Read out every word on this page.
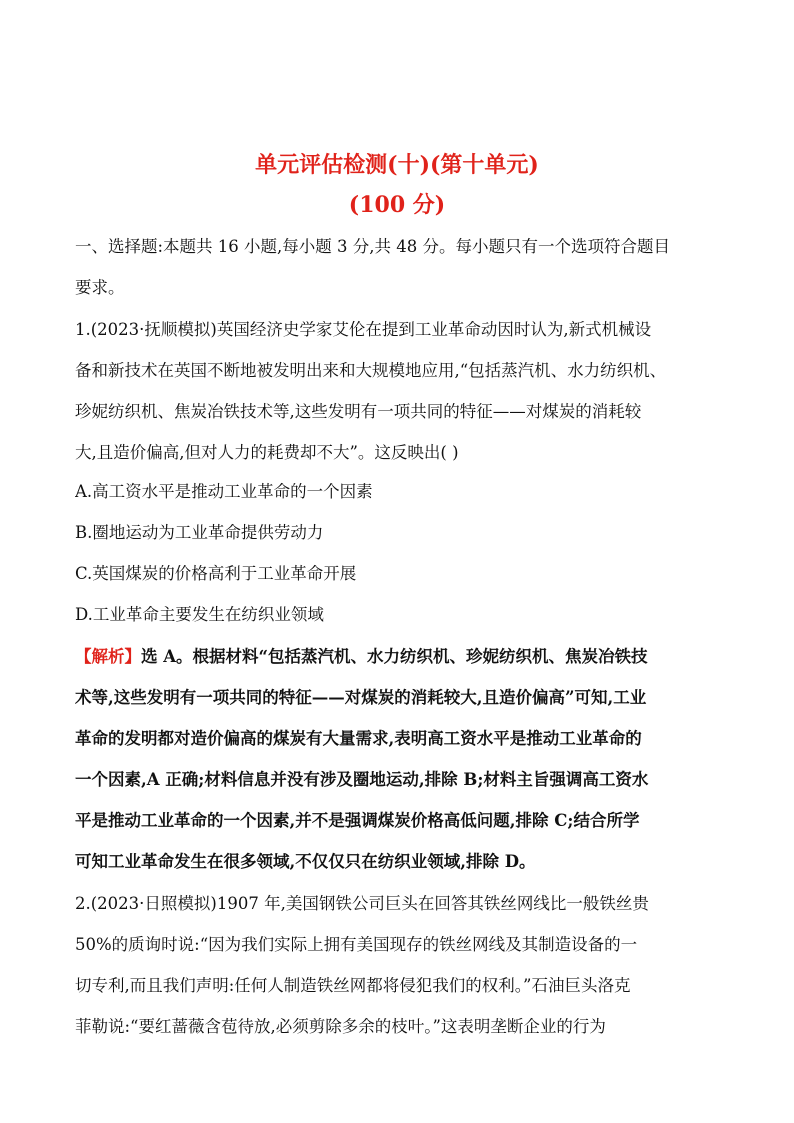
单元评估检测(十)(第十单元)
(100 分)
一、选择题:本题共 16 小题,每小题 3 分,共 48 分。每小题只有一个选项符合题目
要求。
1.(2023·抚顺模拟)英国经济史学家艾伦在提到工业革命动因时认为,新式机械设
备和新技术在英国不断地被发明出来和大规模地应用,“包括蒸汽机、水力纺织机、
珍妮纺织机、焦炭冶铁技术等,这些发明有一项共同的特征——对煤炭的消耗较
大,且造价偏高,但对人力的耗费却不大”。这反映出( )
A.高工资水平是推动工业革命的一个因素
B.圈地运动为工业革命提供劳动力
C.英国煤炭的价格高利于工业革命开展
D.工业革命主要发生在纺织业领域
【解析】选 A。根据材料“包括蒸汽机、水力纺织机、珍妮纺织机、焦炭冶铁技
术等,这些发明有一项共同的特征——对煤炭的消耗较大,且造价偏高”可知,工业
革命的发明都对造价偏高的煤炭有大量需求,表明高工资水平是推动工业革命的
一个因素,A 正确;材料信息并没有涉及圈地运动,排除 B;材料主旨强调高工资水
平是推动工业革命的一个因素,并不是强调煤炭价格高低问题,排除 C;结合所学
可知工业革命发生在很多领域,不仅仅只在纺织业领域,排除 D。
2.(2023·日照模拟)1907 年,美国钢铁公司巨头在回答其铁丝网线比一般铁丝贵
50%的质询时说:“因为我们实际上拥有美国现存的铁丝网线及其制造设备的一
切专利,而且我们声明:任何人制造铁丝网都将侵犯我们的权利。”石油巨头洛克
菲勒说:“要红蔷薇含苞待放,必须剪除多余的枝叶。”这表明垄断企业的行为
